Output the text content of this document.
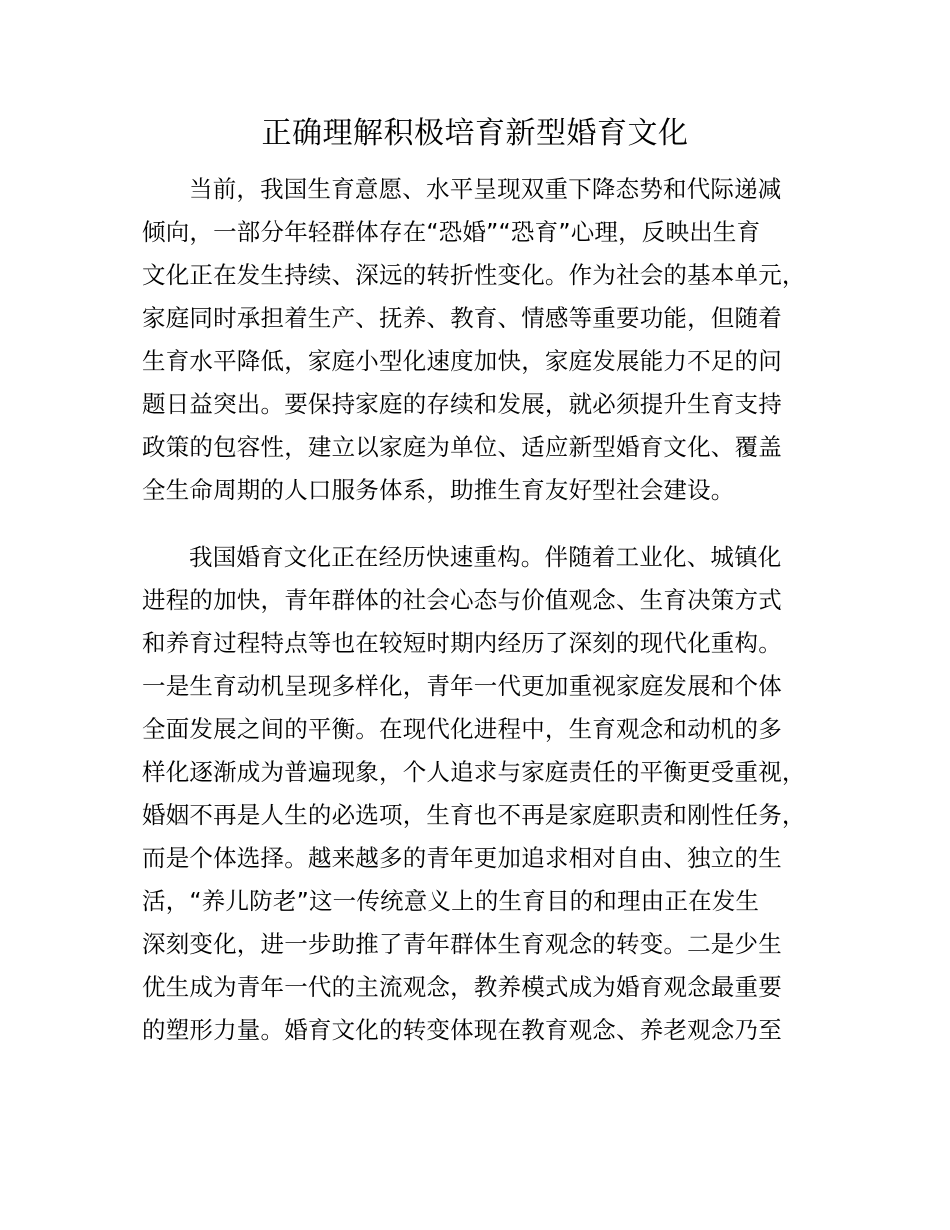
正确理解积极培育新型婚育文化
当前，我国生育意愿、水平呈现双重下降态势和代际递减
倾向，一部分年轻群体存在“恐婚”“恐育”心理，反映出生育
文化正在发生持续、深远的转折性变化。作为社会的基本单元，
家庭同时承担着生产、抚养、教育、情感等重要功能，但随着
生育水平降低，家庭小型化速度加快，家庭发展能力不足的问
题日益突出。要保持家庭的存续和发展，就必须提升生育支持
政策的包容性，建立以家庭为单位、适应新型婚育文化、覆盖
全生命周期的人口服务体系，助推生育友好型社会建设。
我国婚育文化正在经历快速重构。伴随着工业化、城镇化
进程的加快，青年群体的社会心态与价值观念、生育决策方式
和养育过程特点等也在较短时期内经历了深刻的现代化重构。
一是生育动机呈现多样化，青年一代更加重视家庭发展和个体
全面发展之间的平衡。在现代化进程中，生育观念和动机的多
样化逐渐成为普遍现象，个人追求与家庭责任的平衡更受重视，
婚姻不再是人生的必选项，生育也不再是家庭职责和刚性任务，
而是个体选择。越来越多的青年更加追求相对自由、独立的生
活，“养儿防老”这一传统意义上的生育目的和理由正在发生
深刻变化，进一步助推了青年群体生育观念的转变。二是少生
优生成为青年一代的主流观念，教养模式成为婚育观念最重要
的塑形力量。婚育文化的转变体现在教育观念、养老观念乃至
